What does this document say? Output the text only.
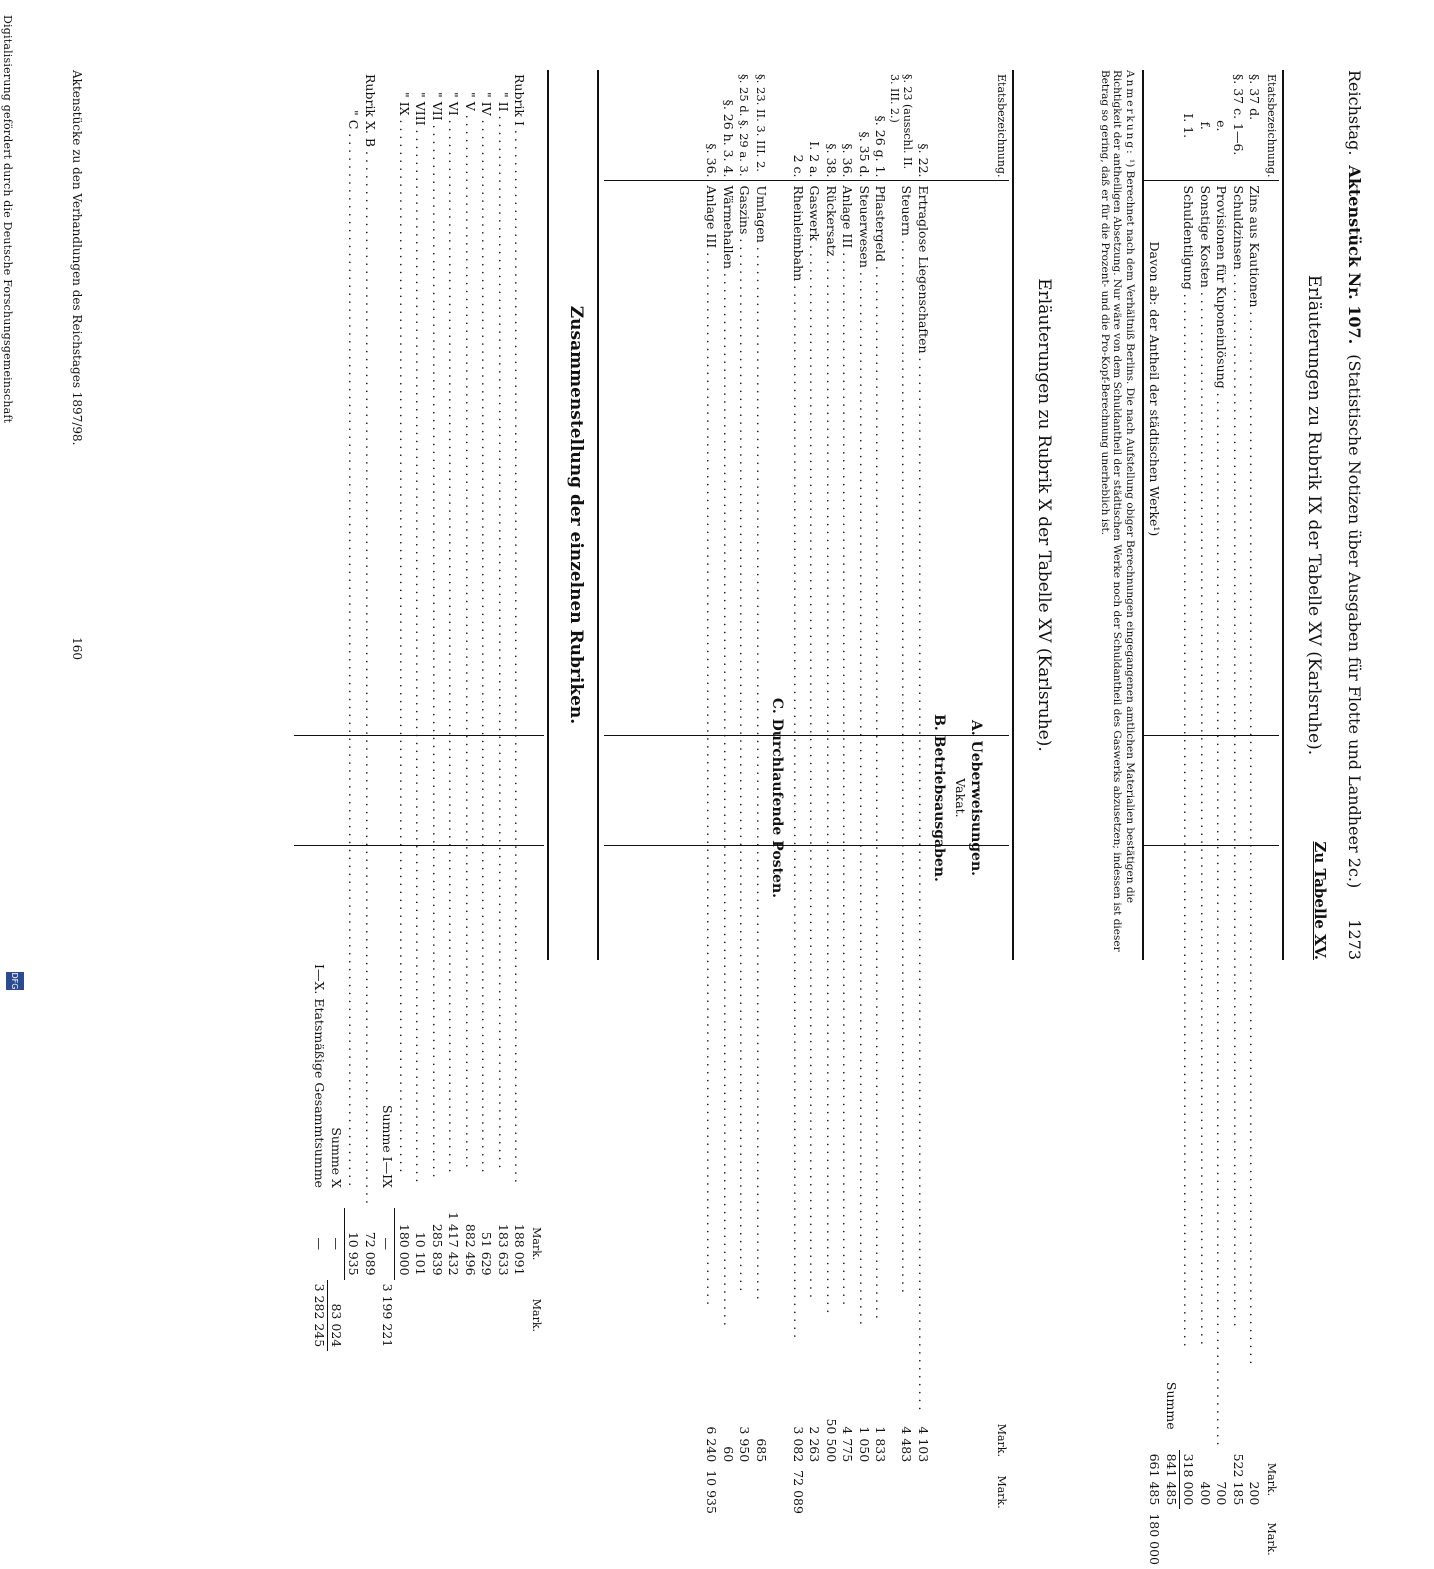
Reichstag.
Aktenstück Nr. 107.
(Statistische Notizen über Ausgaben für Flotte und Landheer 2c.)
1273
Zu Tabelle XV.
Erläuterungen zu Rubrik IX der Tabelle XV (Karlsruhe).
Etatsbezeichnung.		Mark.	Mark.
§. 37 d.	Zins aus Kautionen . . .	200	
§. 37 c. 1—6.	Schuldzinsen . . .	522 185	
e.	Provisionen für Kuponeinlösung . . .	700	
f.	Sonstige Kosten . . .	400	
I. 1.	Schuldentilgung . . .	318 000	
	Summe	841 485	
	Davon ab: der Antheil der städtischen Werke¹)	661 485	180 000
Anmerkung: ¹) Berechnet nach dem Verhältniß Berlins. Die nach Aufstellung obiger Berechnungen eingegangenen amtlichen Materialien bestätigen die Richtigkeit der antheiligen Absetzung. Nur wäre von dem Schuldantheil der städtischen Werke noch der Schuldantheil des Gaswerks abzusetzen; indessen ist dieser Betrag so gering, daß er für die Prozent- und die Pro-Kopf-Berechnung unerheblich ist.
Erläuterungen zu Rubrik X der Tabelle XV (Karlsruhe).
Etatsbezeichnung.		Mark.	Mark.
	A. Ueberweisungen.		
	Vakat.		
	B. Betriebsausgaben.		
§. 22.	Ertraglose Liegenschaften . . .	4 103	
§. 23 (ausschl. II. 3. III. 2.)	Steuern . . .	4 483	
§. 26 g. 1.	Pflastergeld . . .	1 833	
§. 35 d.	Steuerwesen . . .	1 050	
§. 36.	Anlage III . . .	4 775	
§. 38.	Rückersatz . . .	50 500	
I. 2 a.	Gaswerk . . .	2 263	
2 c.	Rheinleimbahn . . .	3 082	72 089
	C. Durchlaufende Posten.		
§. 23. II. 3. III. 2.	Umlagen . . .	685	
§. 25 d. §. 29 a. 3.	Gaszins . . .	3 950	
§. 26 h. 3. 4.	Wärmehallen . . .	60	
§. 36.	Anlage III . . .	6 240	10 935
Zusammenstellung der einzelnen Rubriken.
	Mark.	Mark.
Rubrik I . . .	188 091	
" II . . .	183 633	
" IV . . .	51 629	
" V . . .	882 496	
" VI . . .	1 417 432	
" VII . . .	285 839	
" VIII . . .	10 101	
" IX . . .	180 000	
Summe I—IX	—	3 199 221
Rubrik X. B . . .	72 089	
" C . . .	10 935	
Summe X	—	83 024
I—X. Etatsmäßige Gesammtsumme	—	3 282 245
Aktenstücke zu den Verhandlungen des Reichstages 1897/98.
160
Digitalisierung gefördert durch die Deutsche Forschungsgemeinschaft
DFG
